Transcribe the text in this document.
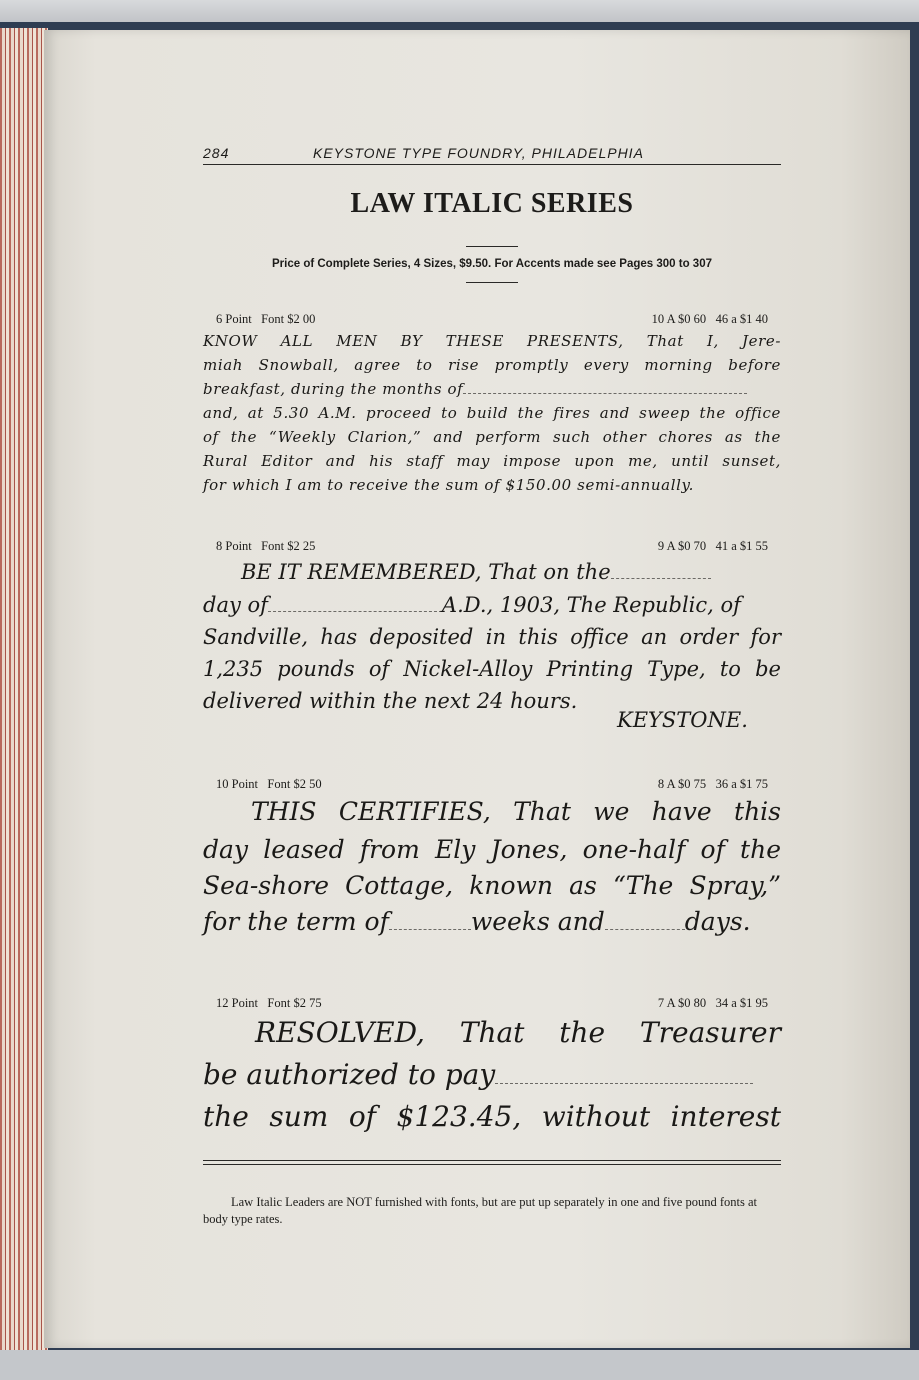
284	KEYSTONE TYPE FOUNDRY, PHILADELPHIA
LAW ITALIC SERIES
Price of Complete Series, 4 Sizes, $9.50. For Accents made see Pages 300 to 307
6 Point Font $2 00	10 A $0 60 46 a $1 40
KNOW ALL MEN BY THESE PRESENTS, That I, Jere-
miah Snowball, agree to rise promptly every morning before
breakfast, during the months of
and, at 5.30 A.M. proceed to build the fires and sweep the office
of the “Weekly Clarion,” and perform such other chores as the
Rural Editor and his staff may impose upon me, until sunset,
for which I am to receive the sum of $150.00 semi-annually.
8 Point Font $2 25	9 A $0 70 41 a $1 55
BE IT REMEMBERED, That on the
day of	A.D., 1903, The Republic, of
Sandville, has deposited in this office an order for
1,235 pounds of Nickel-Alloy Printing Type, to be
delivered within the next 24 hours.
KEYSTONE.
10 Point Font $2 50	8 A $0 75 36 a $1 75
THIS CERTIFIES, That we have this
day leased from Ely Jones, one-half of the
Sea-shore Cottage, known as “The Spray,”
for the term of	weeks and	days.
12 Point Font $2 75	7 A $0 80 34 a $1 95
RESOLVED, That the Treasurer
be authorized to pay
the sum of $123.45, without interest
Law Italic Leaders are NOT furnished with fonts, but are put up separately in one and five pound fonts at body type rates.
